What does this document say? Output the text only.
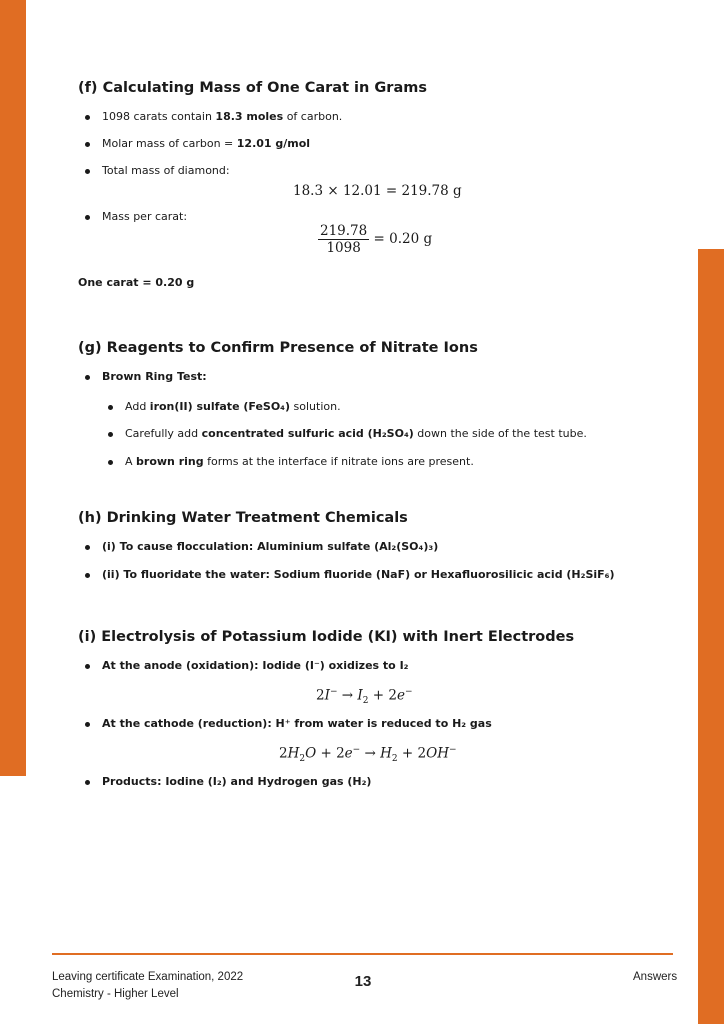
(f) Calculating Mass of One Carat in Grams
1098 carats contain 18.3 moles of carbon.
Molar mass of carbon = 12.01 g/mol
Total mass of diamond:
18.3 × 12.01 = 219.78 g
Mass per carat:
$\frac{219.78}{1098} = 0.20$ g
One carat = 0.20 g
(g) Reagents to Confirm Presence of Nitrate Ions
Brown Ring Test:
Add iron(II) sulfate (FeSO₄) solution.
Carefully add concentrated sulfuric acid (H₂SO₄) down the side of the test tube.
A brown ring forms at the interface if nitrate ions are present.
(h) Drinking Water Treatment Chemicals
(i) To cause flocculation: Aluminium sulfate (Al₂(SO₄)₃)
(ii) To fluoridate the water: Sodium fluoride (NaF) or Hexafluorosilicic acid (H₂SiF₆)
(i) Electrolysis of Potassium Iodide (KI) with Inert Electrodes
At the anode (oxidation): Iodide (I⁻) oxidizes to I₂
$2I^- \to I_2 + 2e^-$
At the cathode (reduction): H⁺ from water is reduced to H₂ gas
$2H_2O + 2e^- \to H_2 + 2OH^-$
Products: Iodine (I₂) and Hydrogen gas (H₂)
Leaving certificate Examination, 2022
Chemistry - Higher Level
13	Answers
